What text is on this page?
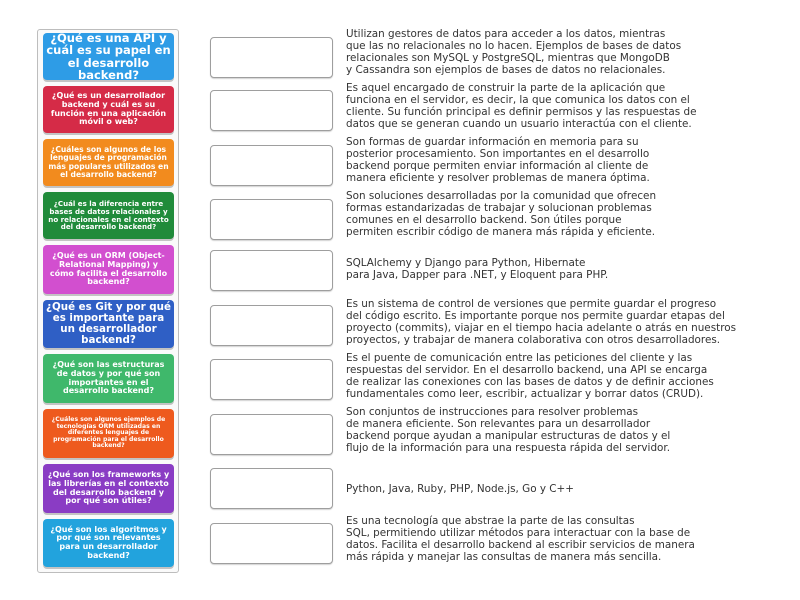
¿Qué es una API y cuál es su papel en el desarrollo backend?
¿Qué es un desarrollador backend y cuál es su función en una aplicación móvil o web?
¿Cuáles son algunos de los lenguajes de programación más populares utilizados en el desarrollo backend?
¿Cuál es la diferencia entre bases de datos relacionales y no relacionales en el contexto del desarrollo backend?
¿Qué es un ORM (Object-Relational Mapping) y cómo facilita el desarrollo backend?
¿Qué es Git y por qué es importante para un desarrollador backend?
¿Qué son las estructuras de datos y por qué son importantes en el desarrollo backend?
¿Cuáles son algunos ejemplos de tecnologías ORM utilizadas en diferentes lenguajes de programación para el desarrollo backend?
¿Qué son los frameworks y las librerías en el contexto del desarrollo backend y por qué son útiles?
¿Qué son los algoritmos y por qué son relevantes para un desarrollador backend?
Utilizan gestores de datos para acceder a los datos, mientras
que las no relacionales no lo hacen. Ejemplos de bases de datos
relacionales son MySQL y PostgreSQL, mientras que MongoDB
y Cassandra son ejemplos de bases de datos no relacionales.
Es aquel encargado de construir la parte de la aplicación que
funciona en el servidor, es decir, la que comunica los datos con el
cliente. Su función principal es definir permisos y las respuestas de
datos que se generan cuando un usuario interactúa con el cliente.
Son formas de guardar información en memoria para su
posterior procesamiento. Son importantes en el desarrollo
backend porque permiten enviar información al cliente de
manera eficiente y resolver problemas de manera óptima.
Son soluciones desarrolladas por la comunidad que ofrecen
formas estandarizadas de trabajar y solucionan problemas
comunes en el desarrollo backend. Son útiles porque
permiten escribir código de manera más rápida y eficiente.
SQLAlchemy y Django para Python, Hibernate
para Java, Dapper para .NET, y Eloquent para PHP.
Es un sistema de control de versiones que permite guardar el progreso
del código escrito. Es importante porque nos permite guardar etapas del
proyecto (commits), viajar en el tiempo hacia adelante o atrás en nuestros
proyectos, y trabajar de manera colaborativa con otros desarrolladores.
Es el puente de comunicación entre las peticiones del cliente y las
respuestas del servidor. En el desarrollo backend, una API se encarga
de realizar las conexiones con las bases de datos y de definir acciones
fundamentales como leer, escribir, actualizar y borrar datos (CRUD).
Son conjuntos de instrucciones para resolver problemas
de manera eficiente. Son relevantes para un desarrollador
backend porque ayudan a manipular estructuras de datos y el
flujo de la información para una respuesta rápida del servidor.
Python, Java, Ruby, PHP, Node.js, Go y C++
Es una tecnología que abstrae la parte de las consultas
SQL, permitiendo utilizar métodos para interactuar con la base de
datos. Facilita el desarrollo backend al escribir servicios de manera
más rápida y manejar las consultas de manera más sencilla.
